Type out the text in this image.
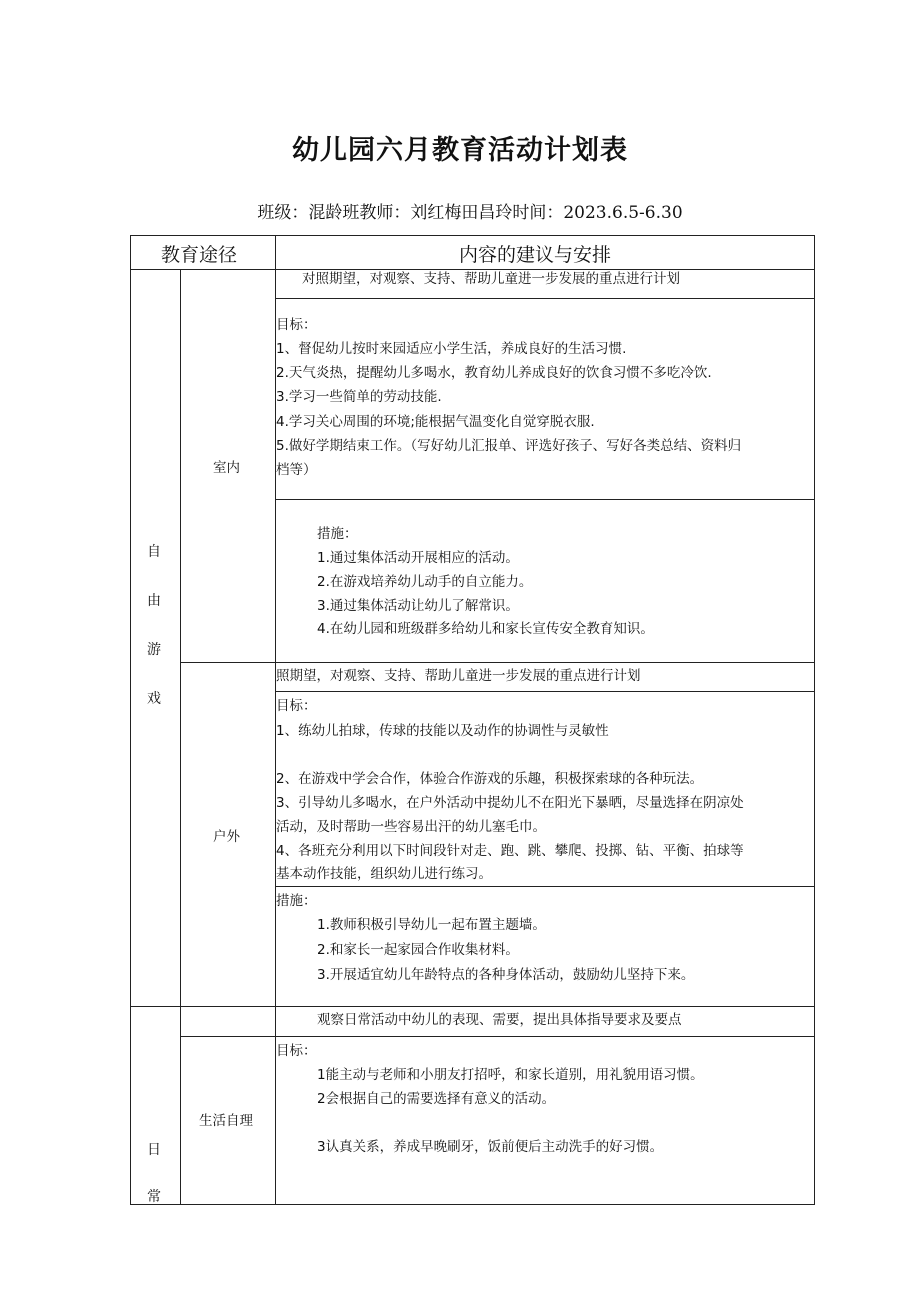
幼儿园六月教育活动计划表
班级：混龄班教师：刘红梅田昌玲时间：2023.6.5-6.30
教育途径	内容的建议与安排
自
由
游
戏
室内
对照期望，对观察、支持、帮助儿童进一步发展的重点进行计划
目标：
1、督促幼儿按时来园适应小学生活，养成良好的生活习惯.
2.天气炎热，提醒幼儿多喝水，教育幼儿养成良好的饮食习惯不多吃冷饮.
3.学习一些简单的劳动技能.
4.学习关心周围的环境;能根据气温变化自觉穿脱衣服.
5.做好学期结束工作。（写好幼儿汇报单、评选好孩子、写好各类总结、资料归
档等）
措施：
1.通过集体活动开展相应的活动。
2.在游戏培养幼儿动手的自立能力。
3.通过集体活动让幼儿了解常识。
4.在幼儿园和班级群多给幼儿和家长宣传安全教育知识。
户外
照期望，对观察、支持、帮助儿童进一步发展的重点进行计划
目标：
1、练幼儿拍球，传球的技能以及动作的协调性与灵敏性
2、在游戏中学会合作，体验合作游戏的乐趣，积极探索球的各种玩法。
3、引导幼儿多喝水，在户外活动中提幼儿不在阳光下暴晒，尽量选择在阴凉处
活动，及时帮助一些容易出汗的幼儿塞毛巾。
4、各班充分利用以下时间段针对走、跑、跳、攀爬、投掷、钻、平衡、拍球等
基本动作技能，组织幼儿进行练习。
措施：
1.教师积极引导幼儿一起布置主题墙。
2.和家长一起家园合作收集材料。
3.开展适宜幼儿年龄特点的各种身体活动，鼓励幼儿坚持下来。
日
常
观察日常活动中幼儿的表现、需要，提出具体指导要求及要点
生活自理
目标：
1能主动与老师和小朋友打招呼，和家长道别，用礼貌用语习惯。
2会根据自己的需要选择有意义的活动。
3认真关系，养成早晚刷牙，饭前便后主动洗手的好习惯。
